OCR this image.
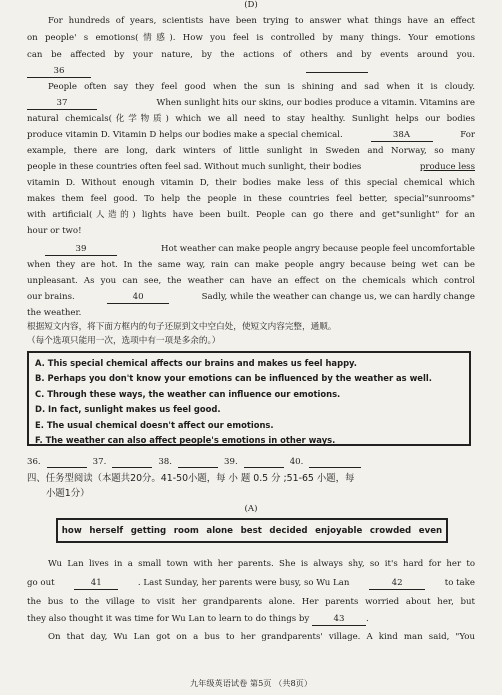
(D)
For hundreds of years, scientists have been trying to answer what things have an effect
on people' s emotions(情感). How you feel is controlled by many things. Your emotions
can be affected by your nature, by the actions of others and by events around you.
36
People often say they feel good when the sun is shining and sad when it is cloudy.
37	When sunlight hits our skins, our bodies produce a vitamin. Vitamins are
natural chemicals(化学物质) which we all need to stay healthy. Sunlight helps our bodies
produce vitamin D. Vitamin D helps our bodies make a special chemical.	38A	For
example, there are long, dark winters of little sunlight in Sweden and Norway, so many
people in these countries often feel sad. Without much sunlight, their bodies	produce less
vitamin D. Without enough vitamin D, their bodies make less of this special chemical which
makes them feel good. To help the people in these countries feel better, special"sunrooms"
with artificial(人造的) lights have been built. People can go there and get"sunlight" for an
hour or two!
39	Hot weather can make people angry because people feel uncomfortable
when they are hot. In the same way, rain can make people angry because being wet can be
unpleasant. As you can see, the weather can have an effect on the chemicals which control
our brains.	40	Sadly, while the weather can change us, we can hardly change
the weather.
根据短文内容，将下面方框内的句子还原到文中空白处，使短文内容完整，通顺。
（每个选项只能用一次，选项中有一项是多余的。）
A. This special chemical affects our brains and makes us feel happy.
B. Perhaps you don't know your emotions can be influenced by the weather as well.
C. Through these ways, the weather can influence our emotions.
D. In fact, sunlight makes us feel good.
E. The usual chemical doesn't affect our emotions.
F. The weather can also affect people's emotions in other ways.
36.	37.	38.	39.	40.
四、任务型阅读（本题共20分。41-50小题，每 小 题 0.5 分 ;51-65 小题，每
小题1分）
(A)
how herself getting room alone best decided enjoyable crowded even
Wu Lan lives in a small town with her parents. She is always shy, so it's hard for her to
go out	41	. Last Sunday, her parents were busy, so Wu Lan	42	to take
the bus to the village to visit her grandparents alone. Her parents worried about her, but
they also thought it was time for Wu Lan to learn to do things by	43	.
On that day, Wu Lan got on a bus to her grandparents' village. A kind man said, "You
九年级英语试卷 第5页 （共8页）
